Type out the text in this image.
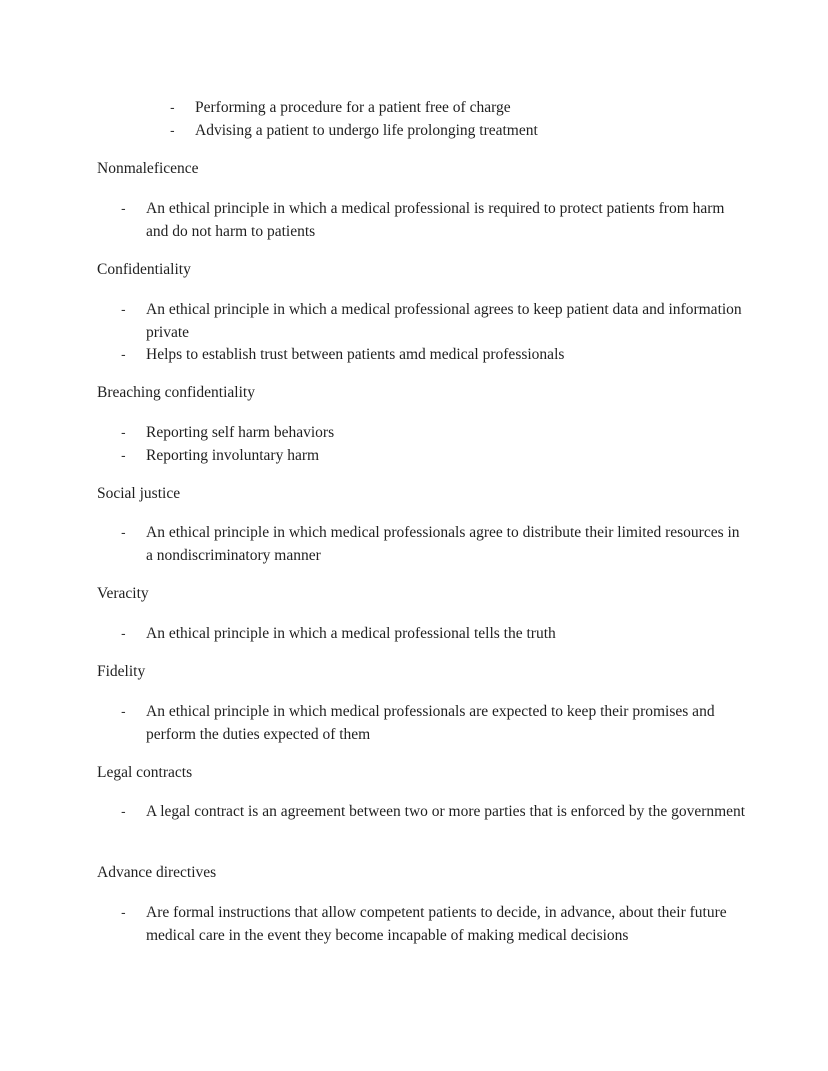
- Performing a procedure for a patient free of charge
- Advising a patient to undergo life prolonging treatment
Nonmaleficence
- An ethical principle in which a medical professional is required to protect patients from harm and do not harm to patients
Confidentiality
- An ethical principle in which a medical professional agrees to keep patient data and information private
- Helps to establish trust between patients amd medical professionals
Breaching confidentiality
- Reporting self harm behaviors
- Reporting involuntary harm
Social justice
- An ethical principle in which medical professionals agree to distribute their limited resources in a nondiscriminatory manner
Veracity
- An ethical principle in which a medical professional tells the truth
Fidelity
- An ethical principle in which medical professionals are expected to keep their promises and perform the duties expected of them
Legal contracts
- A legal contract is an agreement between two or more parties that is enforced by the government
Advance directives
- Are formal instructions that allow competent patients to decide, in advance, about their future medical care in the event they become incapable of making medical decisions
